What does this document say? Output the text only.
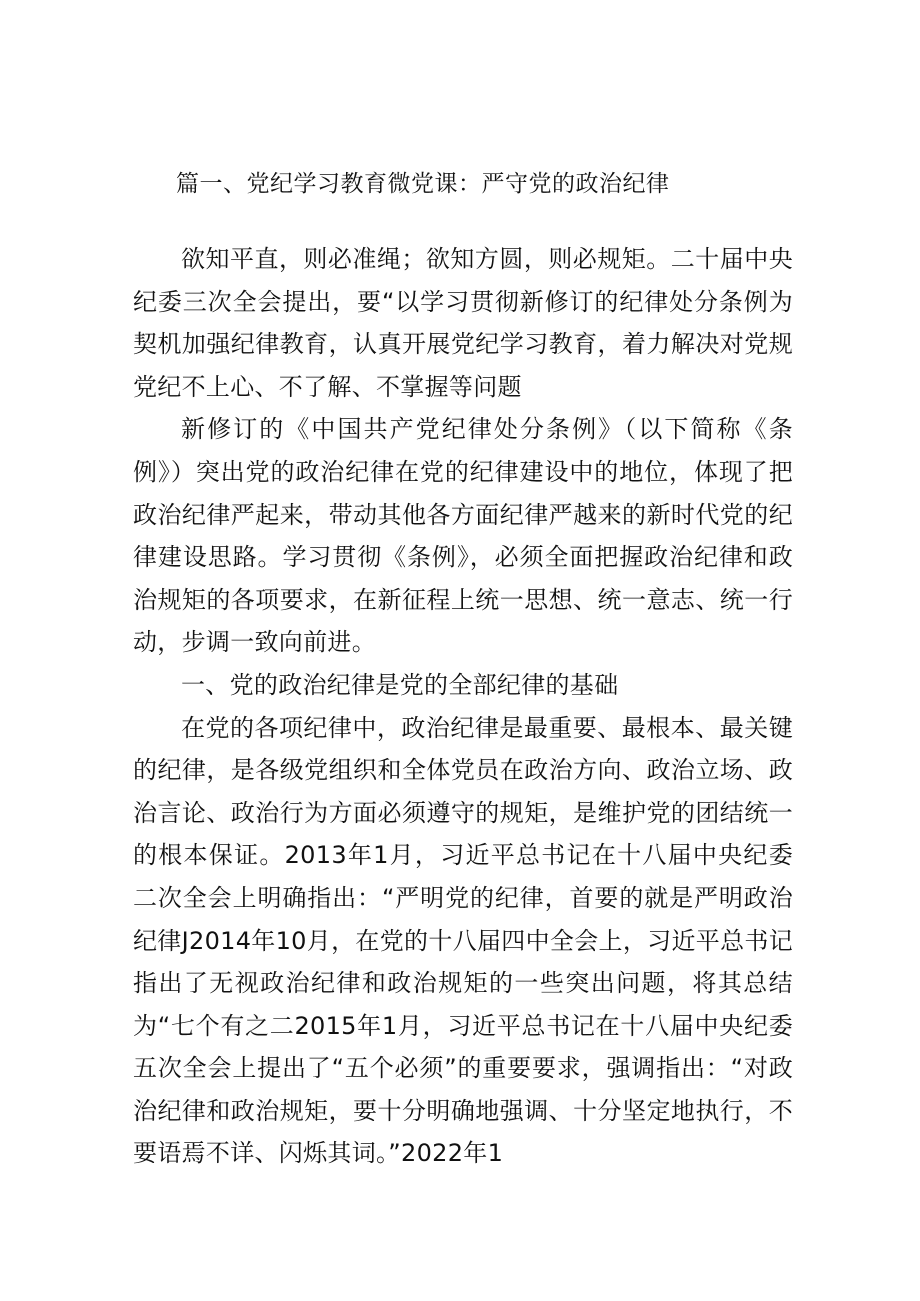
篇一、党纪学习教育微党课：严守党的政治纪律

欲知平直，则必准绳；欲知方圆，则必规矩。二十届中央纪委三次全会提出，要“以学习贯彻新修订的纪律处分条例为契机加强纪律教育，认真开展党纪学习教育，着力解决对党规党纪不上心、不了解、不掌握等问题

新修订的《中国共产党纪律处分条例》（以下简称《条例》）突出党的政治纪律在党的纪律建设中的地位，体现了把政治纪律严起来，带动其他各方面纪律严越来的新时代党的纪律建设思路。学习贯彻《条例》，必须全面把握政治纪律和政治规矩的各项要求，在新征程上统一思想、统一意志、统一行动，步调一致向前进。

一、党的政治纪律是党的全部纪律的基础

在党的各项纪律中，政治纪律是最重要、最根本、最关键的纪律，是各级党组织和全体党员在政治方向、政治立场、政治言论、政治行为方面必须遵守的规矩，是维护党的团结统一的根本保证。2013年1月，习近平总书记在十八届中央纪委二次全会上明确指出：“严明党的纪律，首要的就是严明政治纪律J2014年10月，在党的十八届四中全会上，习近平总书记指出了无视政治纪律和政治规矩的一些突出问题，将其总结为“七个有之二2015年1月，习近平总书记在十八届中央纪委五次全会上提出了“五个必须”的重要要求，强调指出：“对政治纪律和政治规矩，要十分明确地强调、十分坚定地执行，不要语焉不详、闪烁其词。”2022年1
